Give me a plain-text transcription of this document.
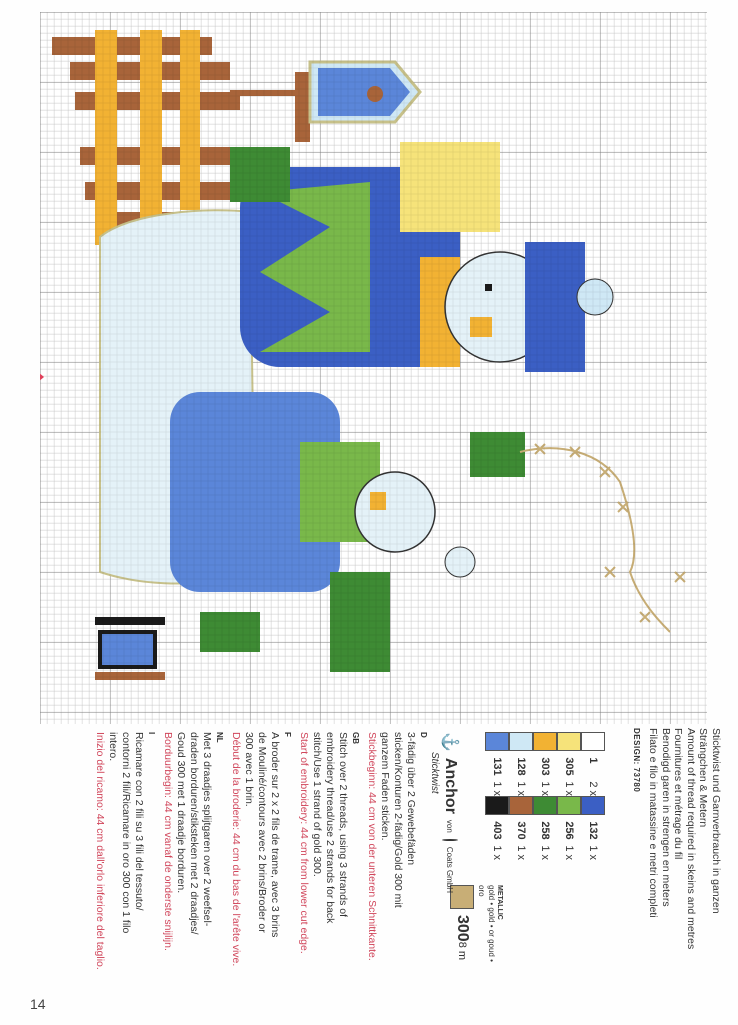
Sticktwist und Garnverbrauch in ganzen
Strängchen & Metern
Amount of thread required in skeins and metres
Fournitures et métrage du fil
Benodigd garen in strengen en meters
Filato e filo in matassine e metri completi
DESIGN: 73780
1
2 x
132
1 x
305
1 x
256
1 x
303
1 x
258
1 x
128
1 x
370
1 x
131
1 x
403
1 x
METALLIC
gold • gold • or goud • oro
300
8 m
⚓
Anchor
von
Coats GmbH
Sticktwist
D
3-fädig über 2 Gewebefäden
sticken/Konturen 2-fädig/Gold 300 mit
ganzem Faden sticken.
Stickbeginn: 44 cm von der unteren Schnittkante.
GB
Stitch over 2 threads, using 3 strands of
embroidery thread/use 2 strands for back
stitch/Use 1 strand of gold 300.
Start of embroidery: 44 cm from lower cut edge.
F
A broder sur 2 x 2 fils de trame, avec 3 brins
de Mouliné/contours avec 2 brins/Broder or
300 avec 1 brin.
Début de la broderie: 44 cm du bas de l'arête vive.
NL
Met 3 draadjes splijtgaren over 2 weefsel-
draden borduren/stiksteken met 2 draadjes/
Goud 300 met 1 draadje borduren.
Borduurbegin: 44 cm vanaf de onderste snijlijn.
I
Ricamare con 2 fili su 3 fili del tessuto/
contorni 2 fili/Ricamare in oro 300 con 1 filo
intero.
Inizio del ricamo: 44 cm dall'orlo inferiore del taglio.
14
